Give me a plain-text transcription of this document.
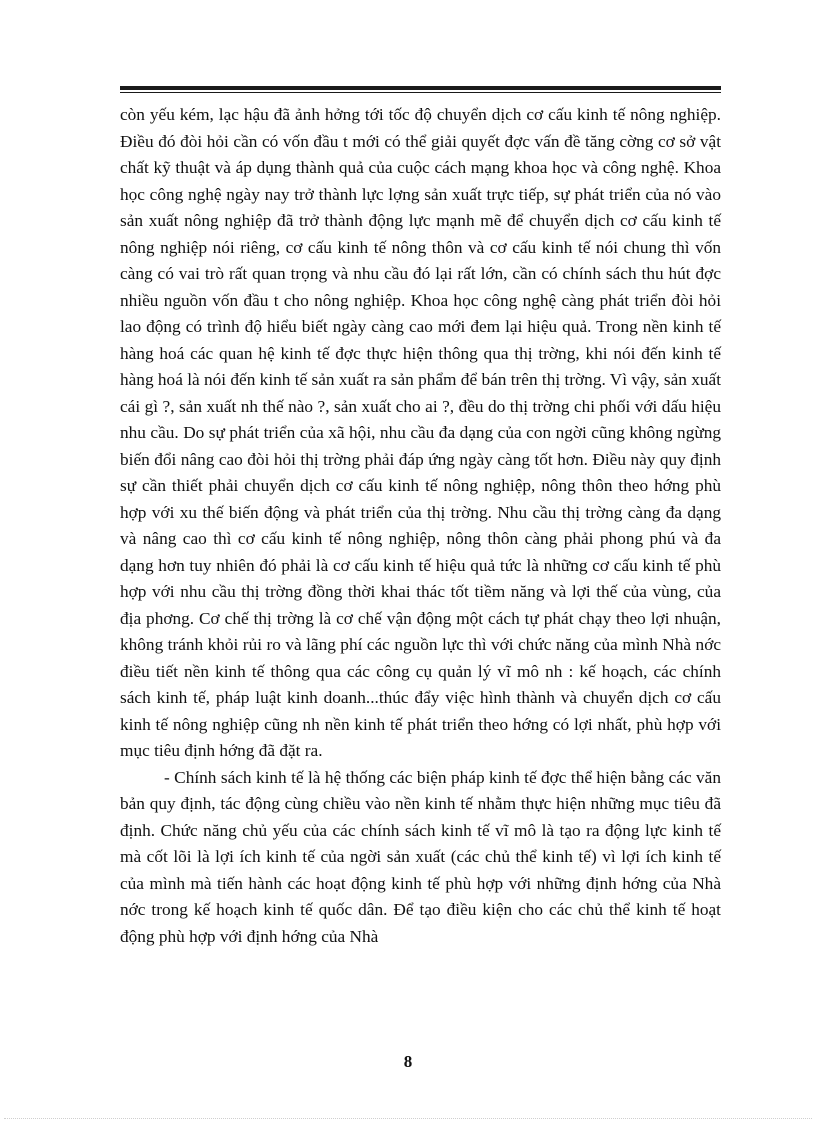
còn yếu kém, lạc hậu đã ảnh hởng tới tốc độ chuyển dịch cơ cấu kinh tế nông nghiệp. Điều đó đòi hỏi cần có vốn đầu t mới có thể giải quyết đợc vấn đề tăng cờng cơ sở vật chất kỹ thuật và áp dụng thành quả của cuộc cách mạng khoa học và công nghệ. Khoa học công nghệ ngày nay trở thành lực lợng sản xuất trực tiếp, sự phát triển của nó vào sản xuất nông nghiệp đã trở thành động lực mạnh mẽ để chuyển dịch cơ cấu kinh tế nông nghiệp nói riêng, cơ cấu kinh tế nông thôn và cơ cấu kinh tế nói chung thì vốn càng có vai trò rất quan trọng và nhu cầu đó lại rất lớn, cần có chính sách thu hút đợc nhiều nguồn vốn đầu t cho nông nghiệp. Khoa học công nghệ càng phát triển đòi hỏi lao động có trình độ hiểu biết ngày càng cao mới đem lại hiệu quả. Trong nền kinh tế hàng hoá các quan hệ kinh tế đợc thực hiện thông qua thị trờng, khi nói đến kinh tế hàng hoá là nói đến kinh tế sản xuất ra sản phẩm để bán trên thị trờng. Vì vậy, sản xuất cái gì ?, sản xuất nh thế nào ?, sản xuất cho ai ?, đều do thị trờng chi phối với dấu hiệu nhu cầu. Do sự phát triển của xã hội, nhu cầu đa dạng của con ngời cũng không ngừng biến đổi nâng cao đòi hỏi thị trờng phải đáp ứng ngày càng tốt hơn. Điều này quy định sự cần thiết phải chuyển dịch cơ cấu kinh tế nông nghiệp, nông thôn theo hớng phù hợp với xu thế biến động và phát triển của thị trờng. Nhu cầu thị trờng càng đa dạng và nâng cao thì cơ cấu kinh tế nông nghiệp, nông thôn càng phải phong phú và đa dạng hơn tuy nhiên đó phải là cơ cấu kinh tế hiệu quả tức là những cơ cấu kinh tế phù hợp với nhu cầu thị trờng đồng thời khai thác tốt tiềm năng và lợi thế của vùng, của địa phơng. Cơ chế thị trờng là cơ chế vận động một cách tự phát chạy theo lợi nhuận, không tránh khỏi rủi ro và lãng phí các nguồn lực thì với chức năng của mình Nhà nớc điều tiết nền kinh tế thông qua các công cụ quản lý vĩ mô nh : kế hoạch, các chính sách kinh tế, pháp luật kinh doanh...thúc đẩy việc hình thành và chuyển dịch cơ cấu kinh tế nông nghiệp cũng nh nền kinh tế phát triển theo hớng có lợi nhất, phù hợp với mục tiêu định hớng đã đặt ra.

- Chính sách kinh tế là hệ thống các biện pháp kinh tế đợc thể hiện bằng các văn bản quy định, tác động cùng chiều vào nền kinh tế nhằm thực hiện những mục tiêu đã định. Chức năng chủ yếu của các chính sách kinh tế vĩ mô là tạo ra động lực kinh tế mà cốt lõi là lợi ích kinh tế của ngời sản xuất (các chủ thể kinh tế) vì lợi ích kinh tế của mình mà tiến hành các hoạt động kinh tế phù hợp với những định hớng của Nhà nớc trong kế hoạch kinh tế quốc dân. Để tạo điều kiện cho các chủ thể kinh tế hoạt động phù hợp với định hớng của Nhà

8
